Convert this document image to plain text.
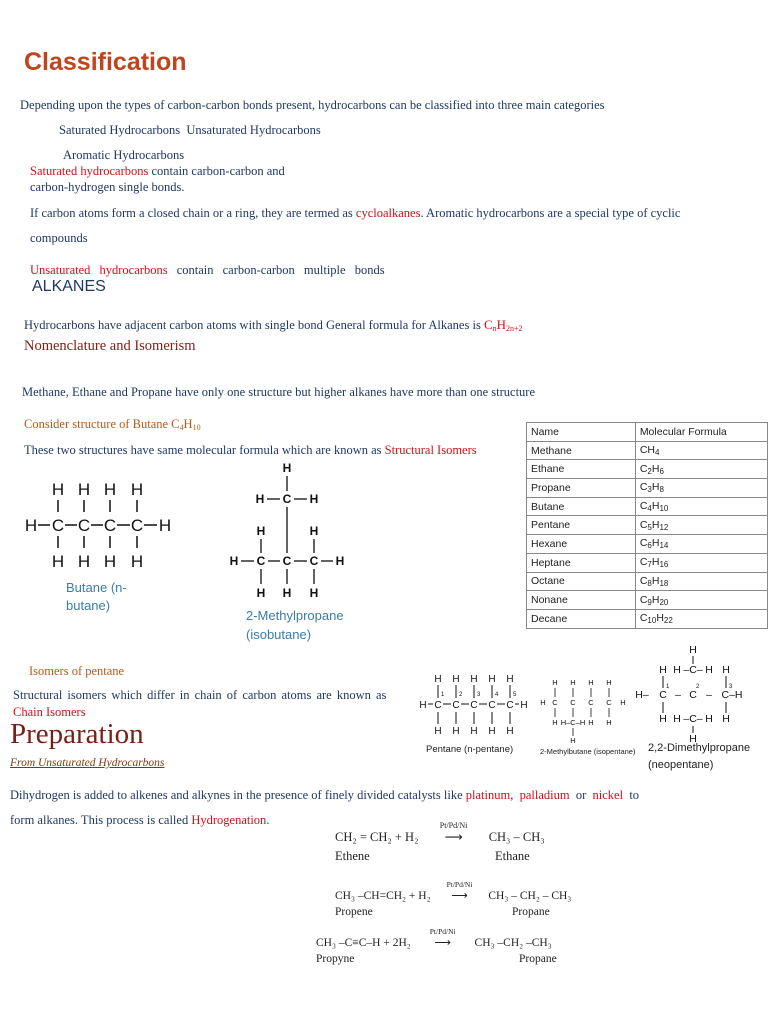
Classification
Depending upon the types of carbon-carbon bonds present, hydrocarbons can be classified into three main categories
Saturated Hydrocarbons Unsaturated Hydrocarbons
Aromatic Hydrocarbons
Saturated hydrocarbons contain carbon-carbon and
carbon-hydrogen single bonds.
If carbon atoms form a closed chain or a ring, they are termed as cycloalkanes. Aromatic hydrocarbons are a special type of cyclic
compounds
Unsaturated hydrocarbons contain carbon-carbon multiple bonds
ALKANES
Hydrocarbons have adjacent carbon atoms with single bond General formula for Alkanes is $C_nH_{2n+2}$
Nomenclature and Isomerism
Methane, Ethane and Propane have only one structure but higher alkanes have more than one structure
Consider structure of Butane $C_4H_{10}$
These two structures have same molecular formula which are known as Structural Isomers
H H H H
H C C C C H
H H H H
Butane (n-
butane)
H
H C H
H	H
H C C C H
H H H
2-Methylpropane
(isobutane)
Name	Molecular Formula
Methane	$CH_4$
Ethane	$C_2H_6$
Propane	$C_3H_8$
Butane	$C_4H_{10}$
Pentane	$C_5H_{12}$
Hexane	$C_6H_{14}$
Heptane	$C_7H_{16}$
Octane	$C_8H_{18}$
Nonane	$C_9H_{20}$
Decane	$C_{10}H_{22}$
Isomers of pentane
Structural isomers which differ in chain of carbon atoms are known as
Chain Isomers
H H H H H
H C C C C C H
H H H H H
1 2 3 4 5
Pentane (n-pentane)
H H H H
H C C C C H
H H–C–H H H
H
2-Methylbutane (isopentane)
H
H H –C– H H
H– C – C – C–H
H H –C– H H
H
1	2	3
2,2-Dimethylpropane
(neopentane)
Preparation
From Unsaturated Hydrocarbons
Dihydrogen is added to alkenes and alkynes in the presence of finely divided catalysts like platinum,  palladium or nickel to
form alkanes. This process is called Hydrogenation.
CH₂ = CH₂ + H₂
Pt/Pd/Ni
⟶ CH₃ – CH₃
Ethene	Ethane
CH₃ –CH=CH₂ + H₂
Pt/Pd/Ni
⟶ CH₃ – CH₂ – CH₃
Propene	Propane
CH₃ –C≡C–H + 2H₂
Pt/Pd/Ni
⟶ CH₃ –CH₂ –CH₃
Propyne	Propane
